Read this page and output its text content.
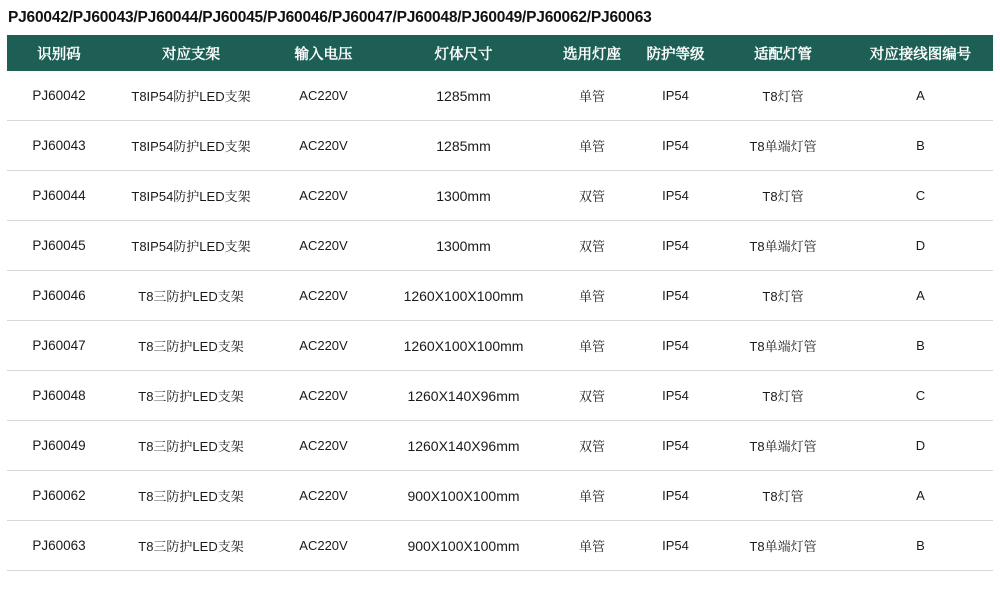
PJ60042/PJ60043/PJ60044/PJ60045/PJ60046/PJ60047/PJ60048/PJ60049/PJ60062/PJ60063
识别码	对应支架	输入电压	灯体尺寸	选用灯座	防护等级	适配灯管	对应接线图编号
PJ60042	T8IP54防护LED支架	AC220V	1285mm	单管	IP54	T8灯管	A
PJ60043	T8IP54防护LED支架	AC220V	1285mm	单管	IP54	T8单端灯管	B
PJ60044	T8IP54防护LED支架	AC220V	1300mm	双管	IP54	T8灯管	C
PJ60045	T8IP54防护LED支架	AC220V	1300mm	双管	IP54	T8单端灯管	D
PJ60046	T8三防护LED支架	AC220V	1260X100X100mm	单管	IP54	T8灯管	A
PJ60047	T8三防护LED支架	AC220V	1260X100X100mm	单管	IP54	T8单端灯管	B
PJ60048	T8三防护LED支架	AC220V	1260X140X96mm	双管	IP54	T8灯管	C
PJ60049	T8三防护LED支架	AC220V	1260X140X96mm	双管	IP54	T8单端灯管	D
PJ60062	T8三防护LED支架	AC220V	900X100X100mm	单管	IP54	T8灯管	A
PJ60063	T8三防护LED支架	AC220V	900X100X100mm	单管	IP54	T8单端灯管	B
